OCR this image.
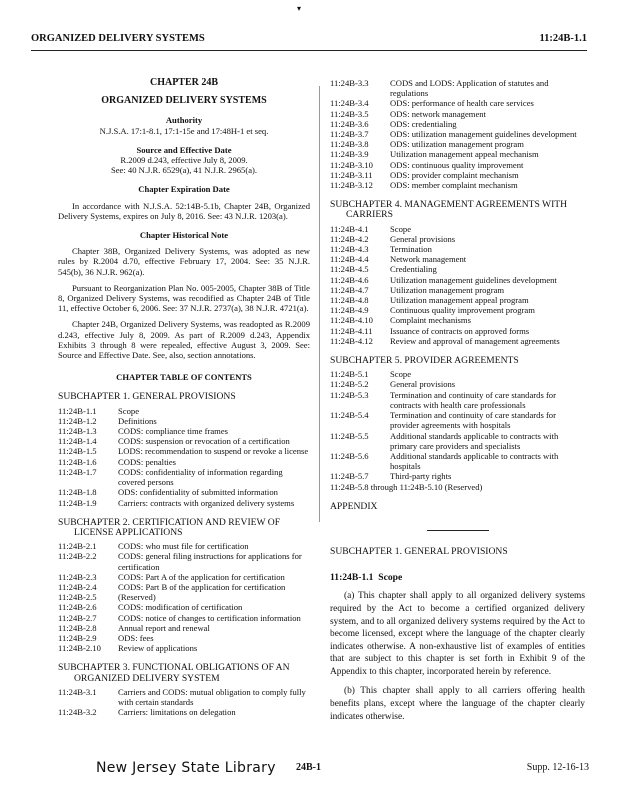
▾
ORGANIZED DELIVERY SYSTEMS	11:24B-1.1
CHAPTER 24B
ORGANIZED DELIVERY SYSTEMS
Authority
N.J.S.A. 17:1-8.1, 17:1-15e and 17:48H-1 et seq.
Source and Effective Date
R.2009 d.243, effective July 8, 2009.
See: 40 N.J.R. 6529(a), 41 N.J.R. 2965(a).
Chapter Expiration Date
In accordance with N.J.S.A. 52:14B-5.1b, Chapter 24B, Organized Delivery Systems, expires on July 8, 2016. See: 43 N.J.R. 1203(a).
Chapter Historical Note
Chapter 38B, Organized Delivery Systems, was adopted as new rules by R.2004 d.70, effective February 17, 2004. See: 35 N.J.R. 545(b), 36 N.J.R. 962(a).
Pursuant to Reorganization Plan No. 005-2005, Chapter 38B of Title 8, Organized Delivery Systems, was recodified as Chapter 24B of Title 11, effective October 6, 2006. See: 37 N.J.R. 2737(a), 38 N.J.R. 4721(a).
Chapter 24B, Organized Delivery Systems, was readopted as R.2009 d.243, effective July 8, 2009. As part of R.2009 d.243, Appendix Exhibits 3 through 8 were repealed, effective August 3, 2009. See: Source and Effective Date. See, also, section annotations.
CHAPTER TABLE OF CONTENTS
SUBCHAPTER 1. GENERAL PROVISIONS
11:24B-1.1	Scope
11:24B-1.2	Definitions
11:24B-1.3	CODS: compliance time frames
11:24B-1.4	CODS: suspension or revocation of a certification
11:24B-1.5	LODS: recommendation to suspend or revoke a license
11:24B-1.6	CODS: penalties
11:24B-1.7	CODS: confidentiality of information regarding covered persons
11:24B-1.8	ODS: confidentiality of submitted information
11:24B-1.9	Carriers: contracts with organized delivery systems
SUBCHAPTER 2. CERTIFICATION AND REVIEW OF
LICENSE APPLICATIONS
11:24B-2.1	CODS: who must file for certification
11:24B-2.2	CODS: general filing instructions for applications for certification
11:24B-2.3	CODS: Part A of the application for certification
11:24B-2.4	CODS: Part B of the application for certification
11:24B-2.5	(Reserved)
11:24B-2.6	CODS: modification of certification
11:24B-2.7	CODS: notice of changes to certification information
11:24B-2.8	Annual report and renewal
11:24B-2.9	ODS: fees
11:24B-2.10	Review of applications
SUBCHAPTER 3. FUNCTIONAL OBLIGATIONS OF AN
ORGANIZED DELIVERY SYSTEM
11:24B-3.1	Carriers and CODS: mutual obligation to comply fully with certain standards
11:24B-3.2	Carriers: limitations on delegation
11:24B-3.3	CODS and LODS: Application of statutes and regulations
11:24B-3.4	ODS: performance of health care services
11:24B-3.5	ODS: network management
11:24B-3.6	ODS: credentialing
11:24B-3.7	ODS: utilization management guidelines development
11:24B-3.8	ODS: utilization management program
11:24B-3.9	Utilization management appeal mechanism
11:24B-3.10	ODS: continuous quality improvement
11:24B-3.11	ODS: provider complaint mechanism
11:24B-3.12	ODS: member complaint mechanism
SUBCHAPTER 4. MANAGEMENT AGREEMENTS WITH
CARRIERS
11:24B-4.1	Scope
11:24B-4.2	General provisions
11:24B-4.3	Termination
11:24B-4.4	Network management
11:24B-4.5	Credentialing
11:24B-4.6	Utilization management guidelines development
11:24B-4.7	Utilization management program
11:24B-4.8	Utilization management appeal program
11:24B-4.9	Continuous quality improvement program
11:24B-4.10	Complaint mechanisms
11:24B-4.11	Issuance of contracts on approved forms
11:24B-4.12	Review and approval of management agreements
SUBCHAPTER 5. PROVIDER AGREEMENTS
11:24B-5.1	Scope
11:24B-5.2	General provisions
11:24B-5.3	Termination and continuity of care standards for contracts with health care professionals
11:24B-5.4	Termination and continuity of care standards for provider agreements with hospitals
11:24B-5.5	Additional standards applicable to contracts with primary care providers and specialists
11:24B-5.6	Additional standards applicable to contracts with hospitals
11:24B-5.7	Third-party rights
11:24B-5.8 through 11:24B-5.10 (Reserved)
APPENDIX
SUBCHAPTER 1. GENERAL PROVISIONS
11:24B-1.1 Scope
(a) This chapter shall apply to all organized delivery systems required by the Act to become a certified organized delivery system, and to all organized delivery systems required by the Act to become licensed, except where the language of the chapter clearly indicates otherwise. A non-exhaustive list of examples of entities that are subject to this chapter is set forth in Exhibit 9 of the Appendix to this chapter, incorporated herein by reference.
(b) This chapter shall apply to all carriers offering health benefits plans, except where the language of the chapter clearly indicates otherwise.
New Jersey State Library 24B-1	Supp. 12-16-13
